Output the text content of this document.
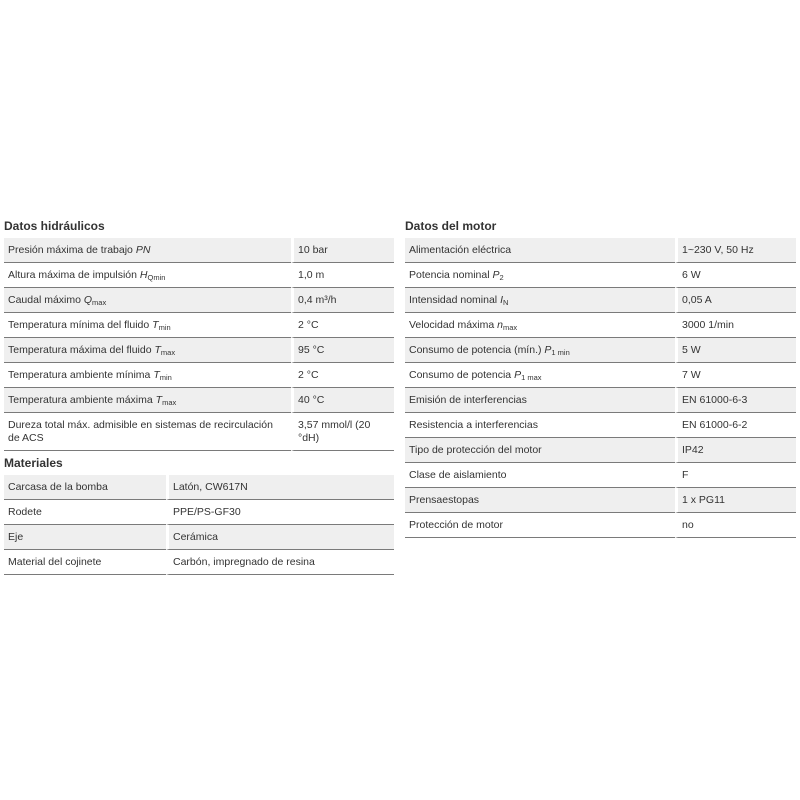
Datos hidráulicos
Presión máxima de trabajo PN	10 bar
Altura máxima de impulsión $H_{Qmin}$	1,0 m
Caudal máximo $Q_{max}$	0,4 m³/h
Temperatura mínima del fluido $T_{min}$	2 °C
Temperatura máxima del fluido $T_{max}$	95 °C
Temperatura ambiente mínima $T_{min}$	2 °C
Temperatura ambiente máxima $T_{max}$	40 °C
Dureza total máx. admisible en sistemas de recirculación de ACS	3,57 mmol/l (20 °dH)
Materiales
Carcasa de la bomba	Latón, CW617N
Rodete	PPE/PS-GF30
Eje	Cerámica
Material del cojinete	Carbón, impregnado de resina
Datos del motor
Alimentación eléctrica	1~230 V, 50 Hz
Potencia nominal $P_2$	6 W
Intensidad nominal $I_N$	0,05 A
Velocidad máxima $n_{max}$	3000 1/min
Consumo de potencia (mín.) $P_{1 min}$	5 W
Consumo de potencia $P_{1 max}$	7 W
Emisión de interferencias	EN 61000-6-3
Resistencia a interferencias	EN 61000-6-2
Tipo de protección del motor	IP42
Clase de aislamiento	F
Prensaestopas	1 x PG11
Protección de motor	no
